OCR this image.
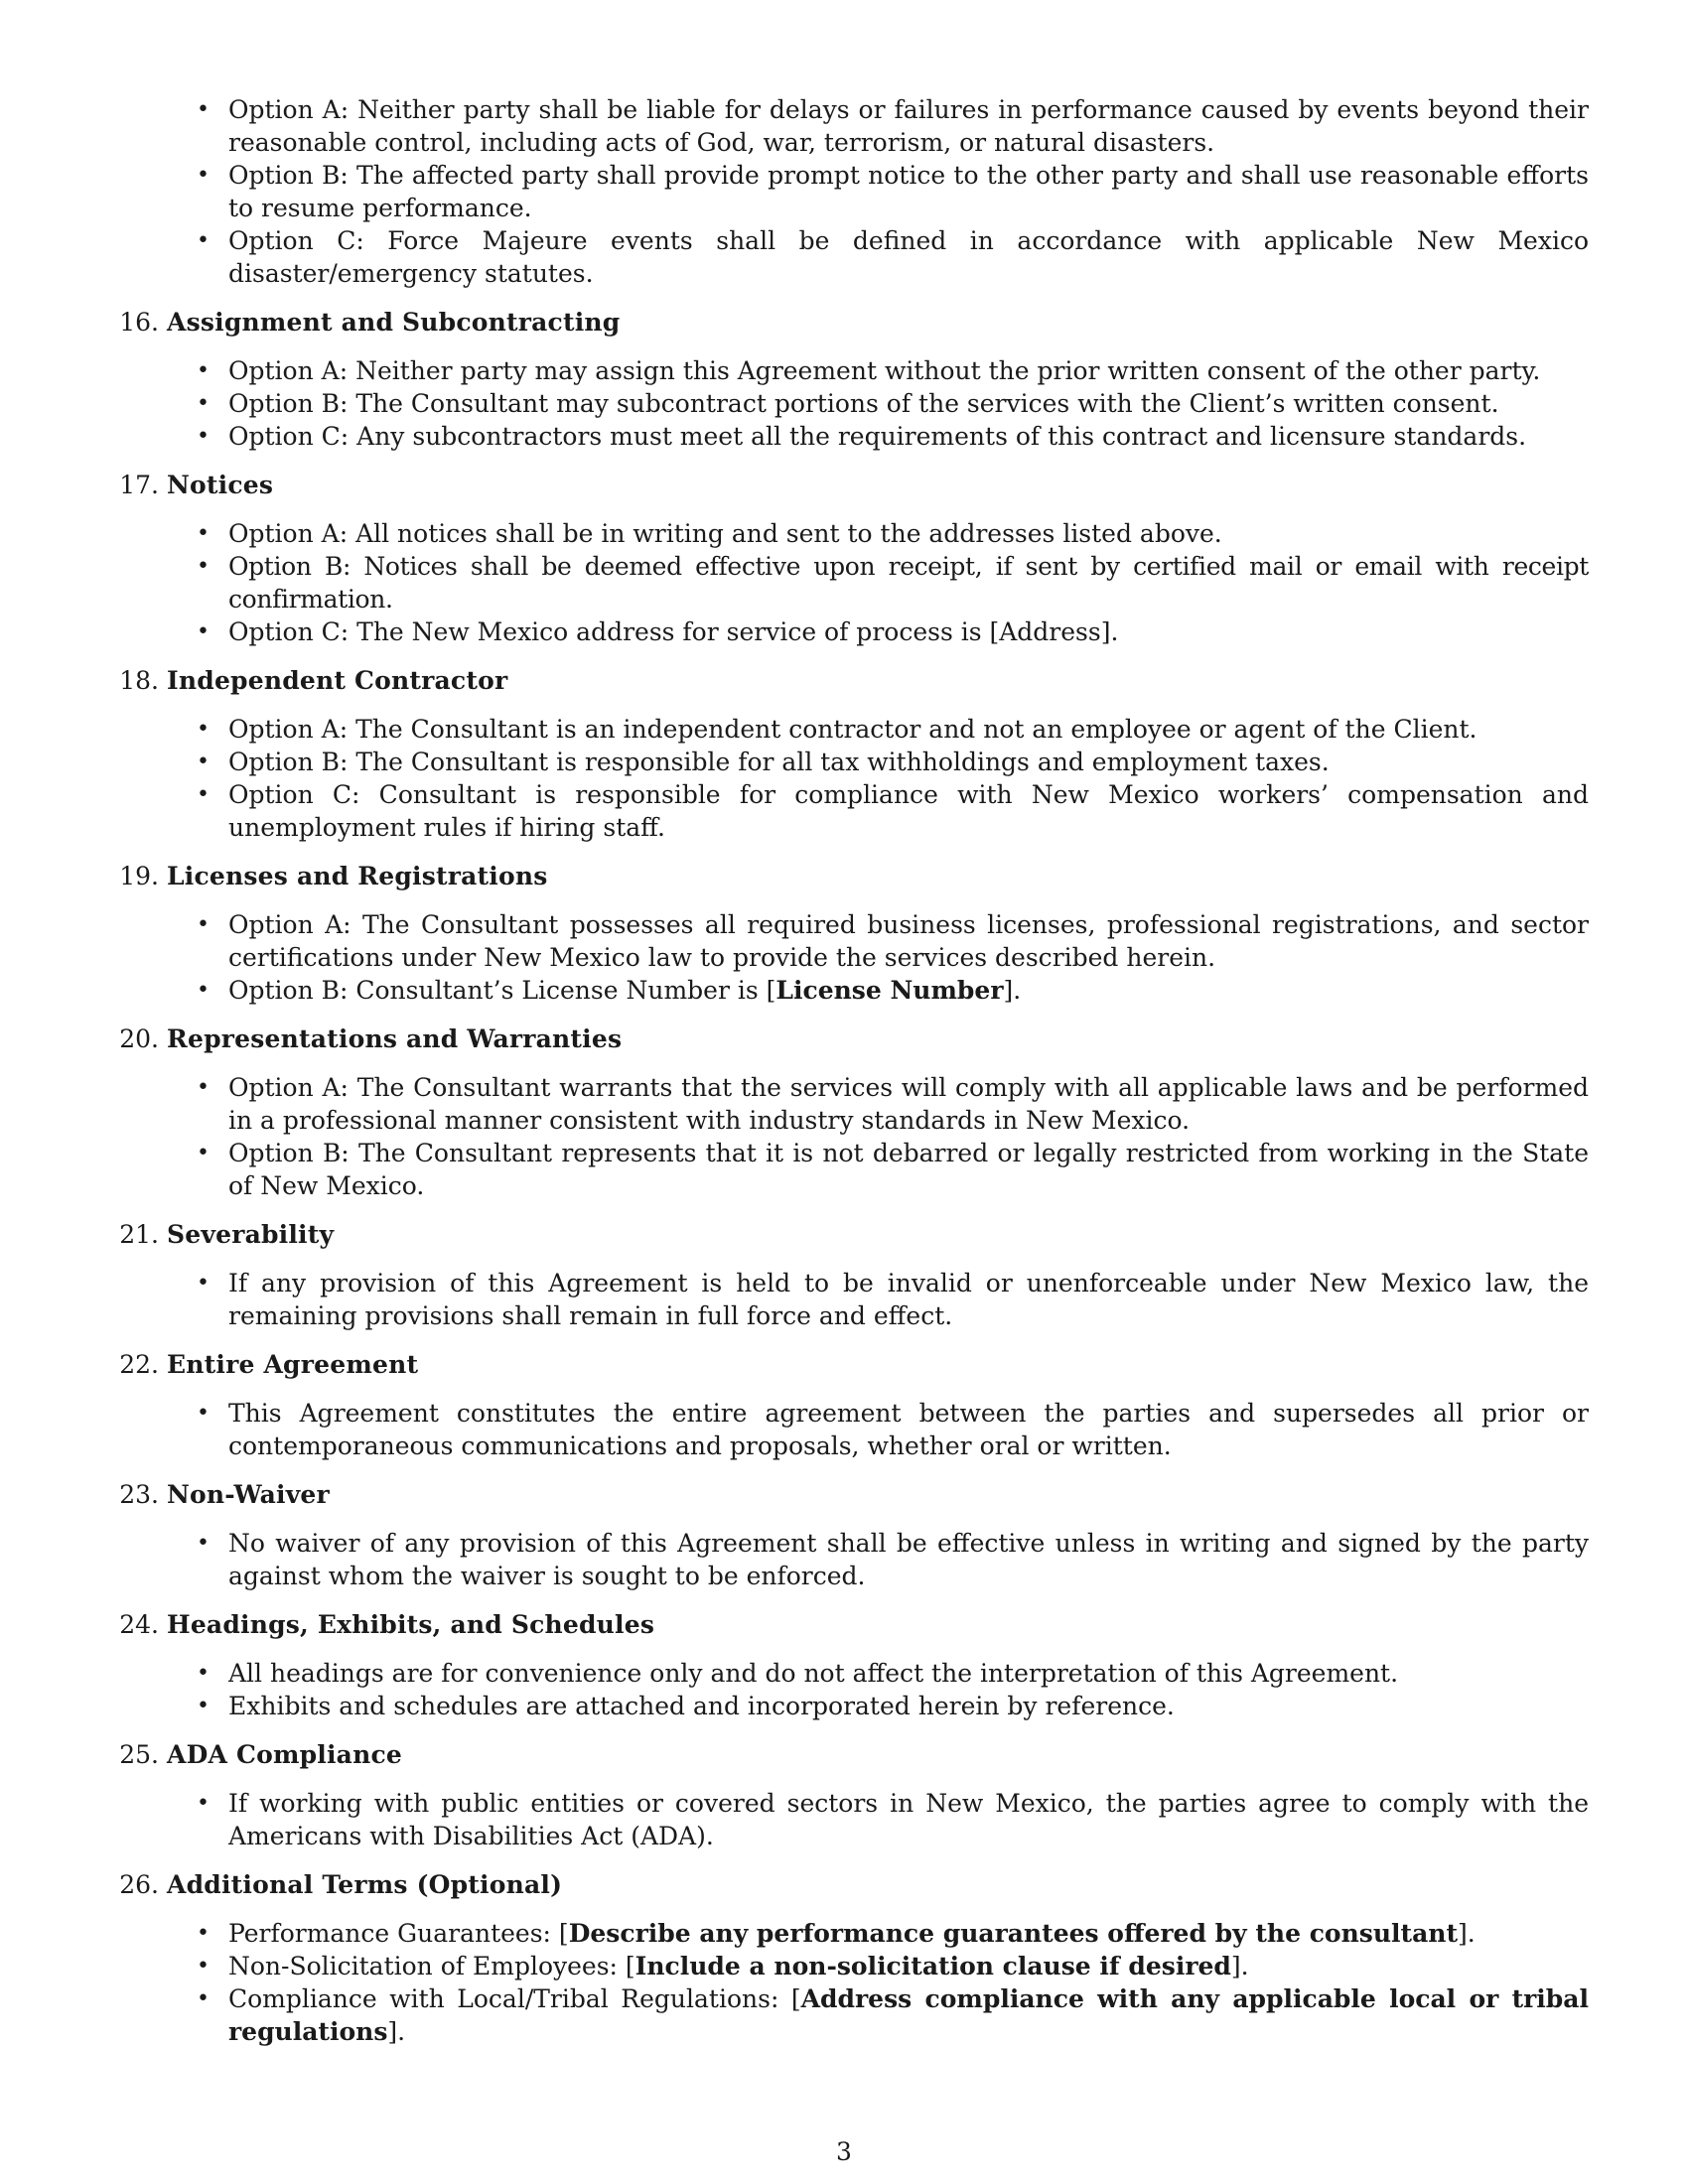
• Option A: Neither party shall be liable for delays or failures in performance caused by events beyond their reasonable control, including acts of God, war, terrorism, or natural disasters.
• Option B: The affected party shall provide prompt notice to the other party and shall use reasonable efforts to resume performance.
• Option C: Force Majeure events shall be defined in accordance with applicable New Mexico disaster/emergency statutes.
16. Assignment and Subcontracting
• Option A: Neither party may assign this Agreement without the prior written consent of the other party.
• Option B: The Consultant may subcontract portions of the services with the Client’s written consent.
• Option C: Any subcontractors must meet all the requirements of this contract and licensure standards.
17. Notices
• Option A: All notices shall be in writing and sent to the addresses listed above.
• Option B: Notices shall be deemed effective upon receipt, if sent by certified mail or email with receipt confirmation.
• Option C: The New Mexico address for service of process is [Address].
18. Independent Contractor
• Option A: The Consultant is an independent contractor and not an employee or agent of the Client.
• Option B: The Consultant is responsible for all tax withholdings and employment taxes.
• Option C: Consultant is responsible for compliance with New Mexico workers’ compensation and unemployment rules if hiring staff.
19. Licenses and Registrations
• Option A: The Consultant possesses all required business licenses, professional registrations, and sector certifications under New Mexico law to provide the services described herein.
• Option B: Consultant’s License Number is [License Number].
20. Representations and Warranties
• Option A: The Consultant warrants that the services will comply with all applicable laws and be performed in a professional manner consistent with industry standards in New Mexico.
• Option B: The Consultant represents that it is not debarred or legally restricted from working in the State of New Mexico.
21. Severability
• If any provision of this Agreement is held to be invalid or unenforceable under New Mexico law, the remaining provisions shall remain in full force and effect.
22. Entire Agreement
• This Agreement constitutes the entire agreement between the parties and supersedes all prior or contemporaneous communications and proposals, whether oral or written.
23. Non-Waiver
• No waiver of any provision of this Agreement shall be effective unless in writing and signed by the party against whom the waiver is sought to be enforced.
24. Headings, Exhibits, and Schedules
• All headings are for convenience only and do not affect the interpretation of this Agreement.
• Exhibits and schedules are attached and incorporated herein by reference.
25. ADA Compliance
• If working with public entities or covered sectors in New Mexico, the parties agree to comply with the Americans with Disabilities Act (ADA).
26. Additional Terms (Optional)
• Performance Guarantees: [Describe any performance guarantees offered by the consultant].
• Non-Solicitation of Employees: [Include a non-solicitation clause if desired].
• Compliance with Local/Tribal Regulations: [Address compliance with any applicable local or tribal regulations].
3
